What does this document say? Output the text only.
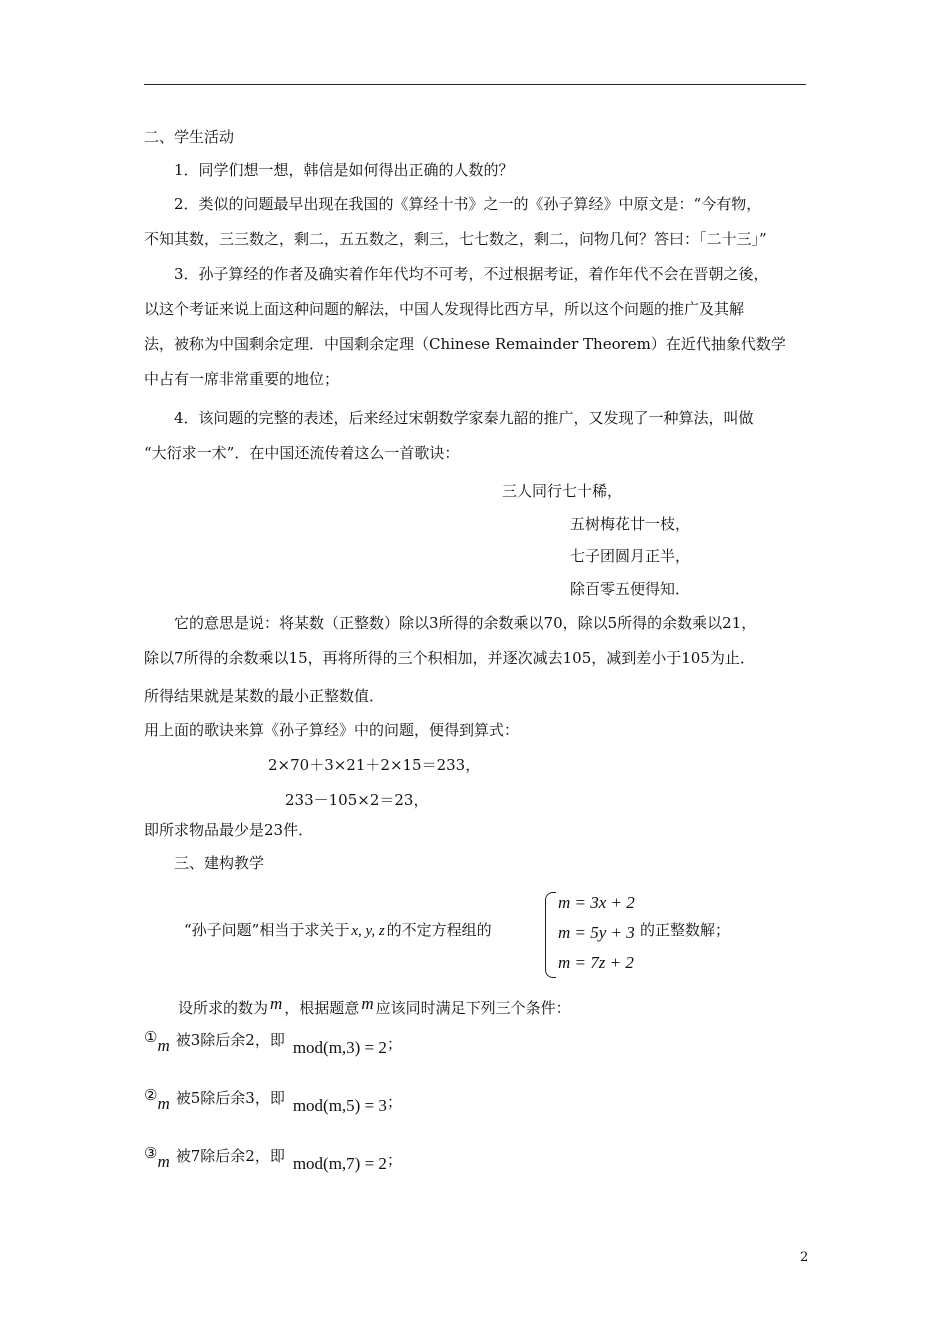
二、学生活动
1．同学们想一想，韩信是如何得出正确的人数的？
2．类似的问题最早出现在我国的《算经十书》之一的《孙子算经》中原文是：“今有物，
不知其数，三三数之，剩二，五五数之，剩三，七七数之，剩二，问物几何？答曰：「二十三」”
3．孙子算经的作者及确实着作年代均不可考，不过根据考证，着作年代不会在晋朝之後，
以这个考证来说上面这种问题的解法，中国人发现得比西方早，所以这个问题的推广及其解
法，被称为中国剩余定理．中国剩余定理（Chinese Remainder Theorem）在近代抽象代数学
中占有一席非常重要的地位；
4．该问题的完整的表述，后来经过宋朝数学家秦九韶的推广，又发现了一种算法，叫做
“大衍求一术”．在中国还流传着这么一首歌诀：
三人同行七十稀，
五树梅花廿一枝，
七子团圆月正半，
除百零五便得知．
它的意思是说：将某数（正整数）除以3所得的余数乘以70，除以5所得的余数乘以21，
除以7所得的余数乘以15，再将所得的三个积相加，并逐次减去105，减到差小于105为止．
所得结果就是某数的最小正整数值．
用上面的歌诀来算《孙子算经》中的问题，便得到算式：
2×70＋3×21＋2×15＝233，
233－105×2＝23，
即所求物品最少是23件．
三、建构教学
“孙子问题”相当于求关于 x, y, z 的不定方程组的
m = 3x + 2
m = 5y + 3
m = 7z + 2
的正整数解；
设所求的数为 m ，根据题意 m 应该同时满足下列三个条件：
①m 被3除后余2，即 mod(m,3) = 2；
②m 被5除后余3，即 mod(m,5) = 3；
③m 被7除后余2，即 mod(m,7) = 2；
2
